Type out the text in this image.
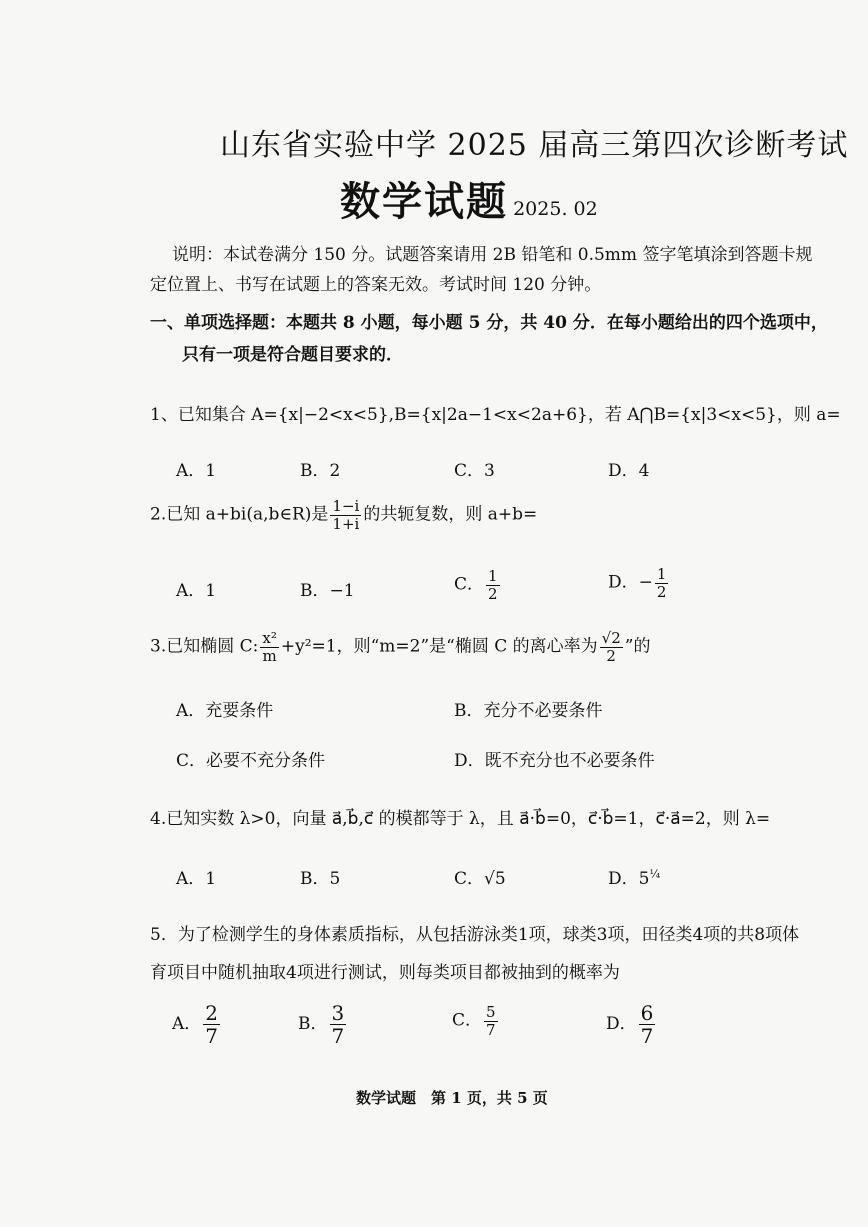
山东省实验中学 2025 届高三第四次诊断考试
数学试题 2025. 02
说明：本试卷满分 150 分。试题答案请用 2B 铅笔和 0.5mm 签字笔填涂到答题卡规
定位置上、书写在试题上的答案无效。考试时间 120 分钟。
一、单项选择题：本题共 8 小题，每小题 5 分，共 40 分．在每小题给出的四个选项中，
只有一项是符合题目要求的．
1、已知集合 A={x|−2<x<5},B={x|2a−1<x<2a+6}，若 A⋂B={x|3<x<5}，则 a=
A．1	B．2	C．3	D．4
2.已知 a+bi(a,b∈R)是 $\frac{1-i}{1+i}$ 的共轭复数，则 a+b=
A．1	B．−1	C． $\frac{1}{2}$	D．− $\frac{1}{2}$
3.已知椭圆 C: $\frac{\text{x²}}{m} +y^2=1$，则“m=2”是“椭圆 C 的离心率为 $\frac{√2}{2}$ ”的
A．充要条件	B．充分不必要条件
C．必要不充分条件	D．既不充分也不必要条件
4.已知实数 λ>0，向量 a⃗,b⃗,c⃗ 的模都等于 λ，且 a⃗·b⃗=0，c⃗·b⃗=1，c⃗·a⃗=2，则 λ=
A．1	B．5	C．√5	D．$5^{\frac{1}{4}}$
5．为了检测学生的身体素质指标，从包括游泳类1项，球类3项，田径类4项的共8项体
育项目中随机抽取4项进行测试，则每类项目都被抽到的概率为
A． $\frac{2}{7}$	B． $\frac{3}{7}$	C． $\frac{5}{7}$	D． $\frac{6}{7}$
数学试题　第 1 页，共 5 页
